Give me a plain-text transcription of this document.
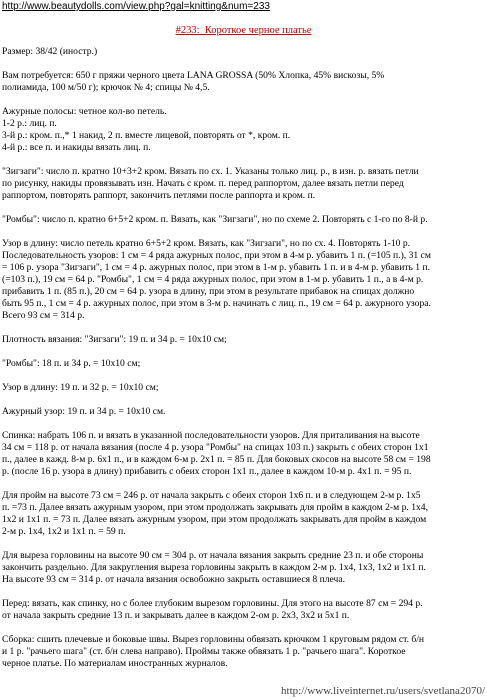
http://www.beautydolls.com/view.php?gal=knitting&num=233
#233:_Короткое черное платье

Размер: 38/42 (иностр.)

Вам потребуется: 650 г пряжи черного цвета LANA GROSSA (50% Хлопка, 45% вискозы, 5%
полиамида, 100 м/50 г); крючок № 4; спицы № 4,5.

Ажурные полосы: четное кол-во петель.
1-2 р.: лиц. п.
3-й р.: кром. п.,* 1 накид, 2 п. вместе лицевой, повторять от *, кром. п.
4-й р.: все п. и накиды вязать лиц. п.

"Зигзаги": число п. кратно 10+3+2 кром. Вязать по сх. 1. Указаны только лиц. р., в изн. р. вязать петли
по рисунку, накиды провязывать изн. Начать с кром. п. перед раппортом, далее вязать петли перед
раппортом, повторять раппорт, закончить петлями после раппорта и кром. п.

"Ромбы": число п. кратно 6+5+2 кром. п. Вязать, как "Зигзаги", но по схеме 2. Повторять с 1-го по 8-й р.

Узор в длину: число петель кратно 6+5+2 кром. Вязать, как "Зигзаги", но по сх. 4. Повторять 1-10 р.
Последовательность узоров: 1 см = 4 ряда ажурных полос, при этом в 4-м р. убавить 1 п. (=105 п.), 31 см
= 106 р. узора "Зигзаги", 1 см = 4 р. ажурных полос, при этом в 1-м р. убавить 1 п. и в 4-м р. убавить 1 п.
(=103 п.), 19 см = 64 р. "Ромбы", 1 см = 4 ряда ажурных полос, при этом в 1-м р. убавить 1 п., а в 4-м р.
прибавить 1 п. (85 п.), 20 см = 64 р. узора в длину, при этом в результате прибавок на спицах должно
быть 95 п., 1 см = 4 р. ажурных полос, при этом в 3-м р. начинать с лиц. п., 19 см = 64 р. ажурного узора.
Всего 93 см = 314 р.

Плотность вязания: "Зигзаги": 19 п. и 34 р. = 10х10 см;

"Ромбы": 18 п. и 34 р. = 10х10 см;

Узор в длину: 19 п. и 32 р. = 10х10 см;

Ажурный узор: 19 п. и 34 р. = 10х10 см.

Спинка: набрать 106 п. и вязать в указанной последовательности узоров. Для приталивания на высоте
34 см = 118 р. от начала вязания (после 4 р. узора "Ромбы" на спицах 103 п.) закрыть с обеих сторон 1х1
п., далее в кажд. 8-м р. 6х1 п., и в каждом 6-м р. 2х1 п. = 85 п. Для боковых скосов на высоте 58 см = 198
р. (после 16 р. узора в длину) прибавить с обеих сторон 1х1 п., далее в каждом 10-м р. 4х1 п. = 95 п.

Для пройм на высоте 73 см = 246 р. от начала закрыть с обеих сторон 1х6 п. и в следующем 2-м р. 1х5
п. =73 п. Далее вязать ажурным узором, при этом продолжать закрывать для пройм в каждом 2-м р. 1х4,
1х2 и 1х1 п. = 73 п. Далее вязать ажурным узором, при этом продолжать закрывать для пройм в каждом
2-м р. 1х4, 1х2 и 1х1 п. = 59 п.

Для выреза горловины на высоте 90 см = 304 р. от начала вязания закрыть средние 23 п. и обе стороны
закончить раздельно. Для закругления выреза горловины закрыть в каждом 2-м р. 1х4, 1х3, 1х2 и 1х1 п.
На высоте 93 см = 314 р. от начала вязания освобожно закрыть оставшиеся 8 плеча.

Перед: вязать, как спинку, но с более глубоким вырезом горловины. Для этого на высоте 87 см = 294 р.
от начала закрыть средние 13 п. и закрывать далее в каждом 2-ом р. 2х3, 3х2 и 5х1 п.

Сборка: сшить плечевые и боковые швы. Вырез горловины обвязать крючком 1 круговым рядом ст. б/н
и 1 р. "рачьего шага" (ст. б/н слева направо). Проймы также обвязать 1 р. "рачьего шага". Короткое
черное платье. По материалам иностранных журналов.

http://www.liveinternet.ru/users/svetlana2070/
